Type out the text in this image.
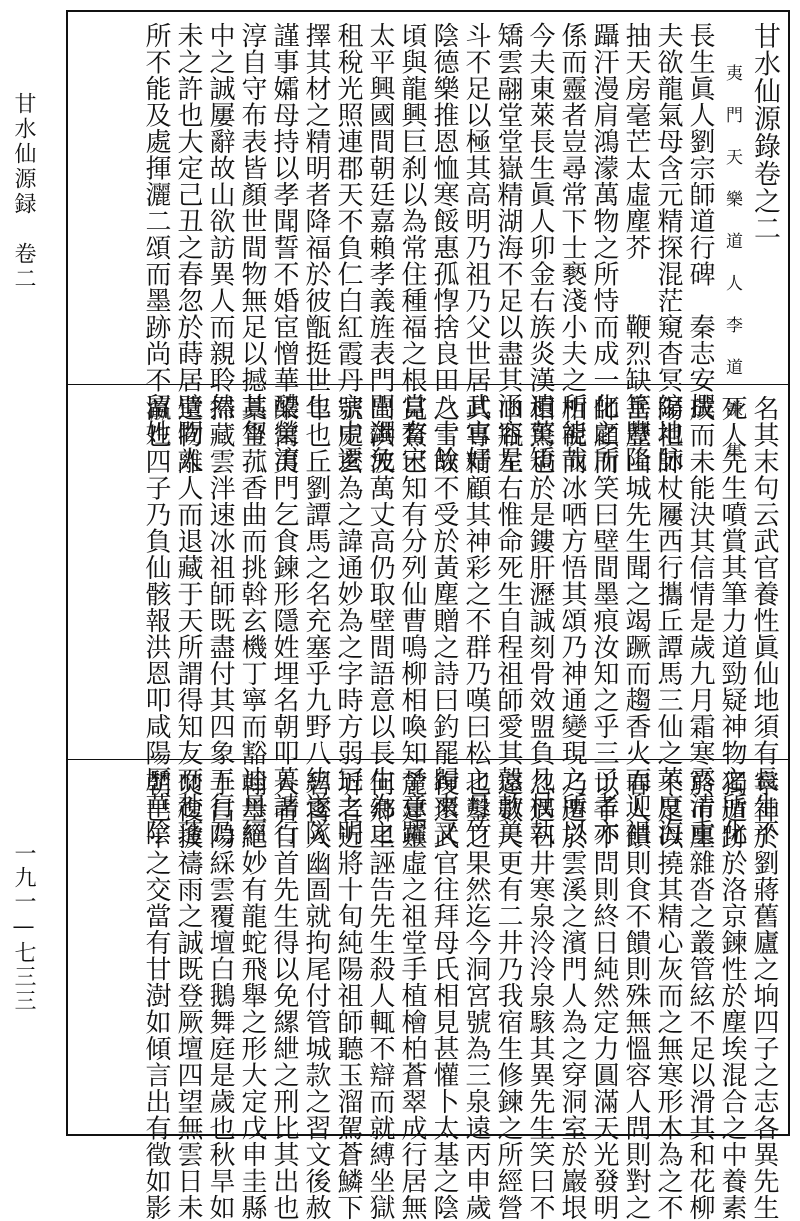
甘水仙源録　卷二
一九一—七三三
甘水仙源錄卷之二
　　夷　門　天　樂　道　人　李　道　謙　集
長生眞人劉宗師道行碑　秦志安撰
夫欲龍氣母含元精探混茫窺杳冥縮地脉
抽天房毫芒太虛塵芥　　鞭烈缺箠豐隆
躡汗漫肩鴻濛萬物之所恃而成一化之所
係而靈者豈尋常下士褻淺小夫之所能哉
今夫東萊長生眞人卯金右族炎漢遺英矯
矯雲翮堂堂嶽精湖海不足以盡其涵容星
斗不足以極其高明乃祖乃父世居武官好
陰德樂推恩恤寒餒惠孤惸捨良田八十餘
頃與龍興巨刹以為常住種福之根當有宋
太平興國間朝廷嘉賴孝義旌表門閭蠲免
租稅光照連郡天不負仁白紅霞丹宗中遷
擇其材之精明者降福於彼甑挺世也
謹事孀母持以孝聞誓不婚宦憎華醲榮淯
淳自守布表皆顏世間物無足以撼其胷
中之誠屢辭故山欲訪異人而親聆然
未之許也大定己丑之春忽於蒔居壁間人
所不能及處揮灑二頌而墨跡尚不留姓
名其末句云武官養性眞仙地須有長生不
死人先生噴賞其筆力道勁疑神物之所化
成而未能決其信情是歲九月霜寒露清重
陽祖師杖屨西行攜丘譚馬三仙之英度海
岳歷山城先生聞之竭蹶而趨香火而迎祖
師顧而笑曰壁間墨痕汝知之乎三子者亦
相視而冰哂方悟其頌乃神通變現之所以
相驚也於是鏤肝瀝誠刻骨效盟負几杖執
巾瓶左右惟命死生自程祖師愛其慤款美
其專精顧其神彩之不群乃嘆曰松之月竹
之雪故不受於黃塵贈之詩曰釣罷歸來又
見鰲已知有分列仙曹鳴柳相喚知予意躍
出洪波萬丈高仍取壁間語意以長生為之
號處玄為之諱通妙為之字時方弱冠之明
年也丘劉譚馬之名充塞乎九野八紘遂隊
梁寓夷門乞食鍊形隱姓埋名朝叩暮請行
藁坐菰香曲而挑斡玄機丁寧而豁迪丹經
掃藏雲泮速冰祖師既盡付其四象五行乃
遺物離人而退藏于天所謂得知友而赴蓬
瀛也四子乃負仙骸報洪恩叩咸陽歷華陰
寧神於劉蔣舊廬之垧四子之志各異先生
獨遁跡於洛京鍊性於塵埃混合之中養素
於市廛雜沓之叢管絃不足以滑其和花柳
不足以撓其精心灰而之無寒形木為之不
春人饋則食不饋則殊無慍容人問則對之
以手不問則終日純然定力圓滿天光發明
乃遷於雲溪之濱門人為之穿洞室於巖垠
忽遇石井寒泉泠泠泉駭其異先生笑曰不
遠數尺更有二井乃我宿生修鍊之所經營
也鑿之果然迄今洞宮號為三泉遠丙申歲
復還武官往拜母氏相見甚懽卜太基之陰
麓建靈虛之祖堂手植檜柏蒼翠成行居無
何鄉里誣告先生殺人輒不辯而就縛坐獄
圻者近將十旬純陽祖師聽玉溜駕蒼鱗下
碧霄入幽圄就拘尾付管城款之習文後赦
人者自首先生得以免縲紲之刑比其出也
翰墨絕妙有龍蛇飛舉之形大定戊申圭縣
于昌陽綵雲覆壇白鵝舞庭是歲也秋旱如
焚復披禱雨之誠既登厥壇四望無雲日未
朝巳午之交當有甘澍如傾言出有徵如影
